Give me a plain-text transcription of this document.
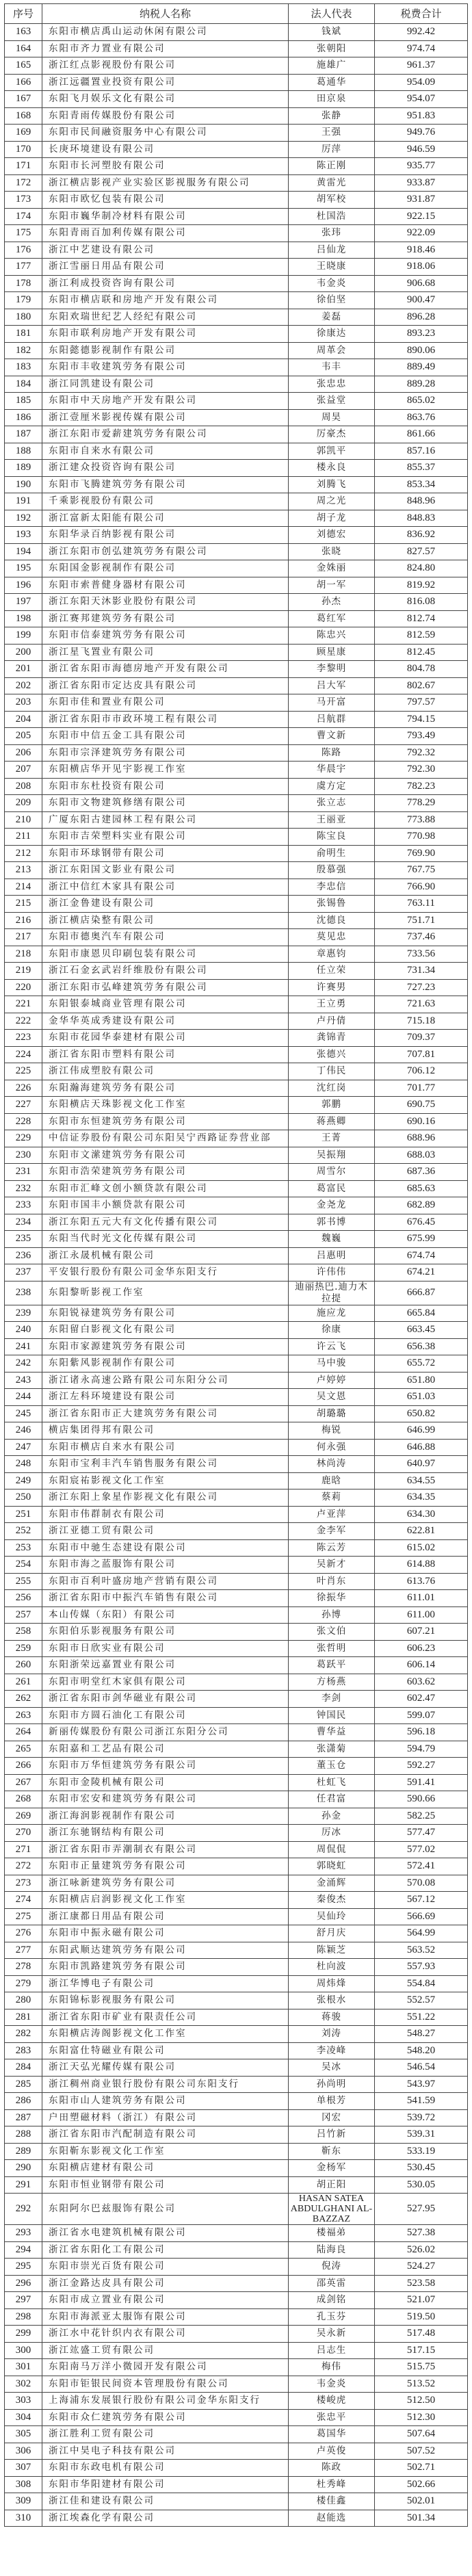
序号	纳税人名称	法人代表	税费合计
163	东阳市横店禹山运动休闲有限公司	钱斌	992.42
164	东阳市齐力置业有限公司	张朝阳	974.74
165	浙江红点影视股份有限公司	施雄广	961.37
166	浙江远疆置业投资有限公司	葛通华	954.09
167	东阳飞月娱乐文化有限公司	田京泉	954.07
168	东阳青雨传媒股份有限公司	张静	951.83
169	东阳市民间融资服务中心有限公司	王强	949.76
170	长庚环境建设有限公司	厉萍	946.59
171	东阳市长河塑胶有限公司	陈正刚	935.77
172	浙江横店影视产业实验区影视服务有限公司	黄雷光	933.87
173	东阳市欧忆包装有限公司	胡军校	931.87
174	东阳市巍华制冷材料有限公司	杜国浩	922.15
175	东阳青雨百加利传媒有限公司	张玮	922.09
176	浙江中艺建设有限公司	吕仙龙	918.46
177	浙江雪丽日用品有限公司	王晓康	918.06
178	浙江利成投资咨询有限公司	韦金炎	906.68
179	东阳市横店联和房地产开发有限公司	徐伯坚	900.47
180	东阳欢瑞世纪艺人经纪有限公司	姜磊	896.28
181	东阳市联利房地产开发有限公司	徐康达	893.23
182	东阳懿德影视制作有限公司	周革会	890.06
183	东阳市丰收建筑劳务有限公司	韦丰	889.49
184	浙江同凯建设有限公司	张忠忠	889.28
185	东阳市中天房地产开发有限公司	张益堂	865.02
186	浙江壹厘米影视传媒有限公司	周昊	863.76
187	浙江东阳市爱薪建筑劳务有限公司	厉豪杰	861.66
188	东阳市自来水有限公司	郭凯平	857.16
189	浙江建众投资咨询有限公司	楼永良	855.37
190	东阳市飞腾建筑劳务有限公司	刘腾飞	853.34
191	千乘影视股份有限公司	周之光	848.96
192	浙江富新太阳能有限公司	胡子龙	848.83
193	东阳华录百纳影视有限公司	刘德宏	836.92
194	浙江东阳市创弘建筑劳务有限公司	张晓	827.57
195	东阳国金影视制作有限公司	金姝丽	824.80
196	东阳市索普健身器材有限公司	胡一军	819.92
197	浙江东阳天沐影业股份有限公司	孙杰	816.08
198	浙江赛邦建筑劳务有限公司	葛红军	812.74
199	东阳市信泰建筑劳务有限公司	陈忠兴	812.59
200	浙江星飞置业有限公司	顾星康	812.45
201	浙江省东阳市海德房地产开发有限公司	李黎明	804.78
202	浙江省东阳市定达皮具有限公司	吕大军	802.67
203	东阳市佳和置业有限公司	马开富	797.57
204	浙江省东阳市市政环境工程有限公司	吕航群	794.15
205	东阳市中信五金工具有限公司	曹文新	793.49
206	东阳市宗泽建筑劳务有限公司	陈路	792.32
207	东阳横店华开见宇影视工作室	华晨宇	792.30
208	东阳市东杜投资有限公司	虞方定	782.23
209	东阳市文物建筑修缮有限公司	张立志	778.29
210	广厦东阳古建园林工程有限公司	王丽亚	773.88
211	东阳市吉荣塑料实业有限公司	陈宝良	770.98
212	东阳市环球钢带有限公司	俞明生	769.90
213	浙江东阳国文影业有限公司	殷慕强	767.75
214	浙江中信红木家具有限公司	李忠信	766.90
215	浙江金鲁建设有限公司	张锡鲁	763.11
216	浙江横店染整有限公司	沈德良	751.71
217	东阳市德奥汽车有限公司	莫见忠	737.46
218	东阳市康恩贝印刷包装有限公司	章惠钧	733.56
219	浙江石金玄武岩纤维股份有限公司	任立荣	731.34
220	浙江东阳市弘峰建筑劳务有限公司	许赛男	727.23
221	东阳银泰城商业管理有限公司	王立勇	721.63
222	金华华英成秀建设有限公司	卢丹倩	715.18
223	东阳市花园华泰建材有限公司	龚锦青	709.37
224	浙江省东阳市塑料有限公司	张德兴	707.81
225	浙江伟成塑胶有限公司	丁伟民	706.12
226	东阳瀚海建筑劳务有限公司	沈红岗	701.77
227	东阳横店天珠影视文化工作室	郭鹏	690.75
228	东阳市东恒建筑劳务有限公司	蒋燕卿	690.16
229	中信证券股份有限公司东阳吴宁西路证券营业部	王菁	688.96
230	东阳市文潆建筑劳务有限公司	吴振翔	688.03
231	东阳市浩荣建筑劳务有限公司	周雪尔	687.36
232	东阳市汇峰文创小额贷款有限公司	葛富民	685.63
233	东阳市国丰小额贷款有限公司	金尧龙	682.89
234	浙江东阳五元大有文化传播有限公司	郭书博	676.45
235	东阳当代时光文化传媒有限公司	魏巍	675.99
236	浙江永晟机械有限公司	吕惠明	674.74
237	平安银行股份有限公司金华东阳支行	许伟伟	674.21
238	东阳黎昕影视工作室	迪丽热巴.迪力木拉提	666.87
239	东阳锐禄建筑劳务有限公司	施应龙	665.84
240	东阳留白影视文化有限公司	徐康	663.45
241	东阳市家源建筑劳务有限公司	许云飞	656.38
242	东阳紫风影视制作有限公司	马中骏	655.72
243	浙江诸永高速公路有限公司东阳分公司	卢婷婷	651.80
244	浙江左科环境建设有限公司	吴文恩	651.03
245	浙江省东阳市正大建筑劳务有限公司	胡璐璐	650.82
246	横店集团得邦有限公司	梅锐	646.99
247	东阳市横店自来水有限公司	何永强	646.88
248	东阳市宝利丰汽车销售服务有限公司	林尚涛	640.97
249	东阳宸祐影视文化工作室	鹿晗	634.55
250	浙江东阳上象星作影视文化有限公司	蔡莉	634.35
251	东阳市伟群制衣有限公司	卢亚萍	634.30
252	浙江亚德工贸有限公司	金李军	622.81
253	东阳市中驰生态建设有限公司	陈云芳	615.02
254	东阳市海之蓝服饰有限公司	吴新才	614.88
255	东阳市百利叶盛房地产营销有限公司	叶肖东	613.76
256	浙江省东阳市中振汽车销售有限公司	徐振华	611.01
257	本山传媒（东阳）有限公司	孙博	611.00
258	东阳伯乐影视服务有限公司	张文伯	607.21
259	东阳市日欣实业有限公司	张哲明	606.23
260	东阳浙荣远嘉置业有限公司	葛跃平	606.14
261	东阳市明堂红木家俱有限公司	方杨燕	603.62
262	浙江省东阳市剑华磁业有限公司	李剑	602.47
263	东阳市方圆石油化工有限公司	钟国民	599.07
264	新丽传媒股份有限公司浙江东阳分公司	曹华益	596.18
265	东阳嘉和工艺品有限公司	张潇菊	594.79
266	东阳市万华恒建筑劳务有限公司	董玉仓	592.27
267	东阳市金陵机械有限公司	杜虹飞	591.41
268	东阳市宏安和建筑劳务有限公司	任君富	590.66
269	浙江海润影视制作有限公司	孙金	582.25
270	浙江东驰钢结构有限公司	厉冰	577.47
271	浙江省东阳市弄潮制衣有限公司	周侃侃	577.02
272	东阳市正量建筑劳务有限公司	郭晓虹	572.41
273	浙江咏新建筑劳务有限公司	金涌辉	570.08
274	东阳横店启润影视文化工作室	秦俊杰	567.12
275	浙江康都日用品有限公司	吴仙玲	566.69
276	东阳市中振永磁有限公司	舒月庆	564.99
277	东阳武顺达建筑劳务有限公司	陈颖芝	563.52
278	东阳市凯路建筑劳务有限公司	杜向波	557.93
279	浙江华博电子有限公司	周炜烽	554.84
280	东阳锦标影视服务有限公司	张根水	552.57
281	浙江省东阳市矿业有限责任公司	蒋骏	551.22
282	东阳横店涛阁影视文化工作室	刘涛	548.27
283	东阳富仕特磁业有限公司	李凌峰	548.20
284	浙江天弘光耀传媒有限公司	吴冰	546.54
285	浙江稠州商业银行股份有限公司东阳支行	孙尚明	543.97
286	东阳市山人建筑劳务有限公司	单根芳	541.59
287	户田塑磁材料（浙江）有限公司	冈宏	539.72
288	浙江省东阳市汽配制造有限公司	吕竹新	539.31
289	东阳靳东影视文化工作室	靳东	533.19
290	东阳横店建材有限公司	金杨军	530.45
291	东阳市恒业钢带有限公司	胡正阳	530.05
292	东阳阿尔巴兹服饰有限公司	HASAN SATEA ABDULGHANI AL-BAZZAZ	527.95
293	浙江省水电建筑机械有限公司	楼福弟	527.38
294	浙江省东阳化工有限公司	陆海良	526.02
295	东阳市崇光百货有限公司	倪涛	524.27
296	浙江金路达皮具有限公司	邵英雷	523.58
297	东阳市成立置业有限公司	成剑铭	521.07
298	东阳市海派亚太服饰有限公司	孔玉芬	519.50
299	浙江水中花针织内衣有限公司	吴永新	517.48
300	浙江竑盛工贸有限公司	吕志生	517.15
301	东阳南马万洋小微园开发有限公司	梅伟	515.75
302	东阳市钜银民间资本管理股份有限公司	韦金炎	513.52
303	上海浦东发展银行股份有限公司金华东阳支行	楼峻虎	512.50
304	东阳市众仁建筑劳务有限公司	张忠平	512.30
305	浙江胜利工贸有限公司	葛国华	507.64
306	浙江中昊电子科技有限公司	卢英俊	507.52
307	东阳市东政电机有限公司	陈政	502.71
308	东阳市华阳建材有限公司	杜秀峰	502.66
309	浙江佳和建设有限公司	楼佳鑫	502.01
310	浙江埃森化学有限公司	赵能选	501.34
